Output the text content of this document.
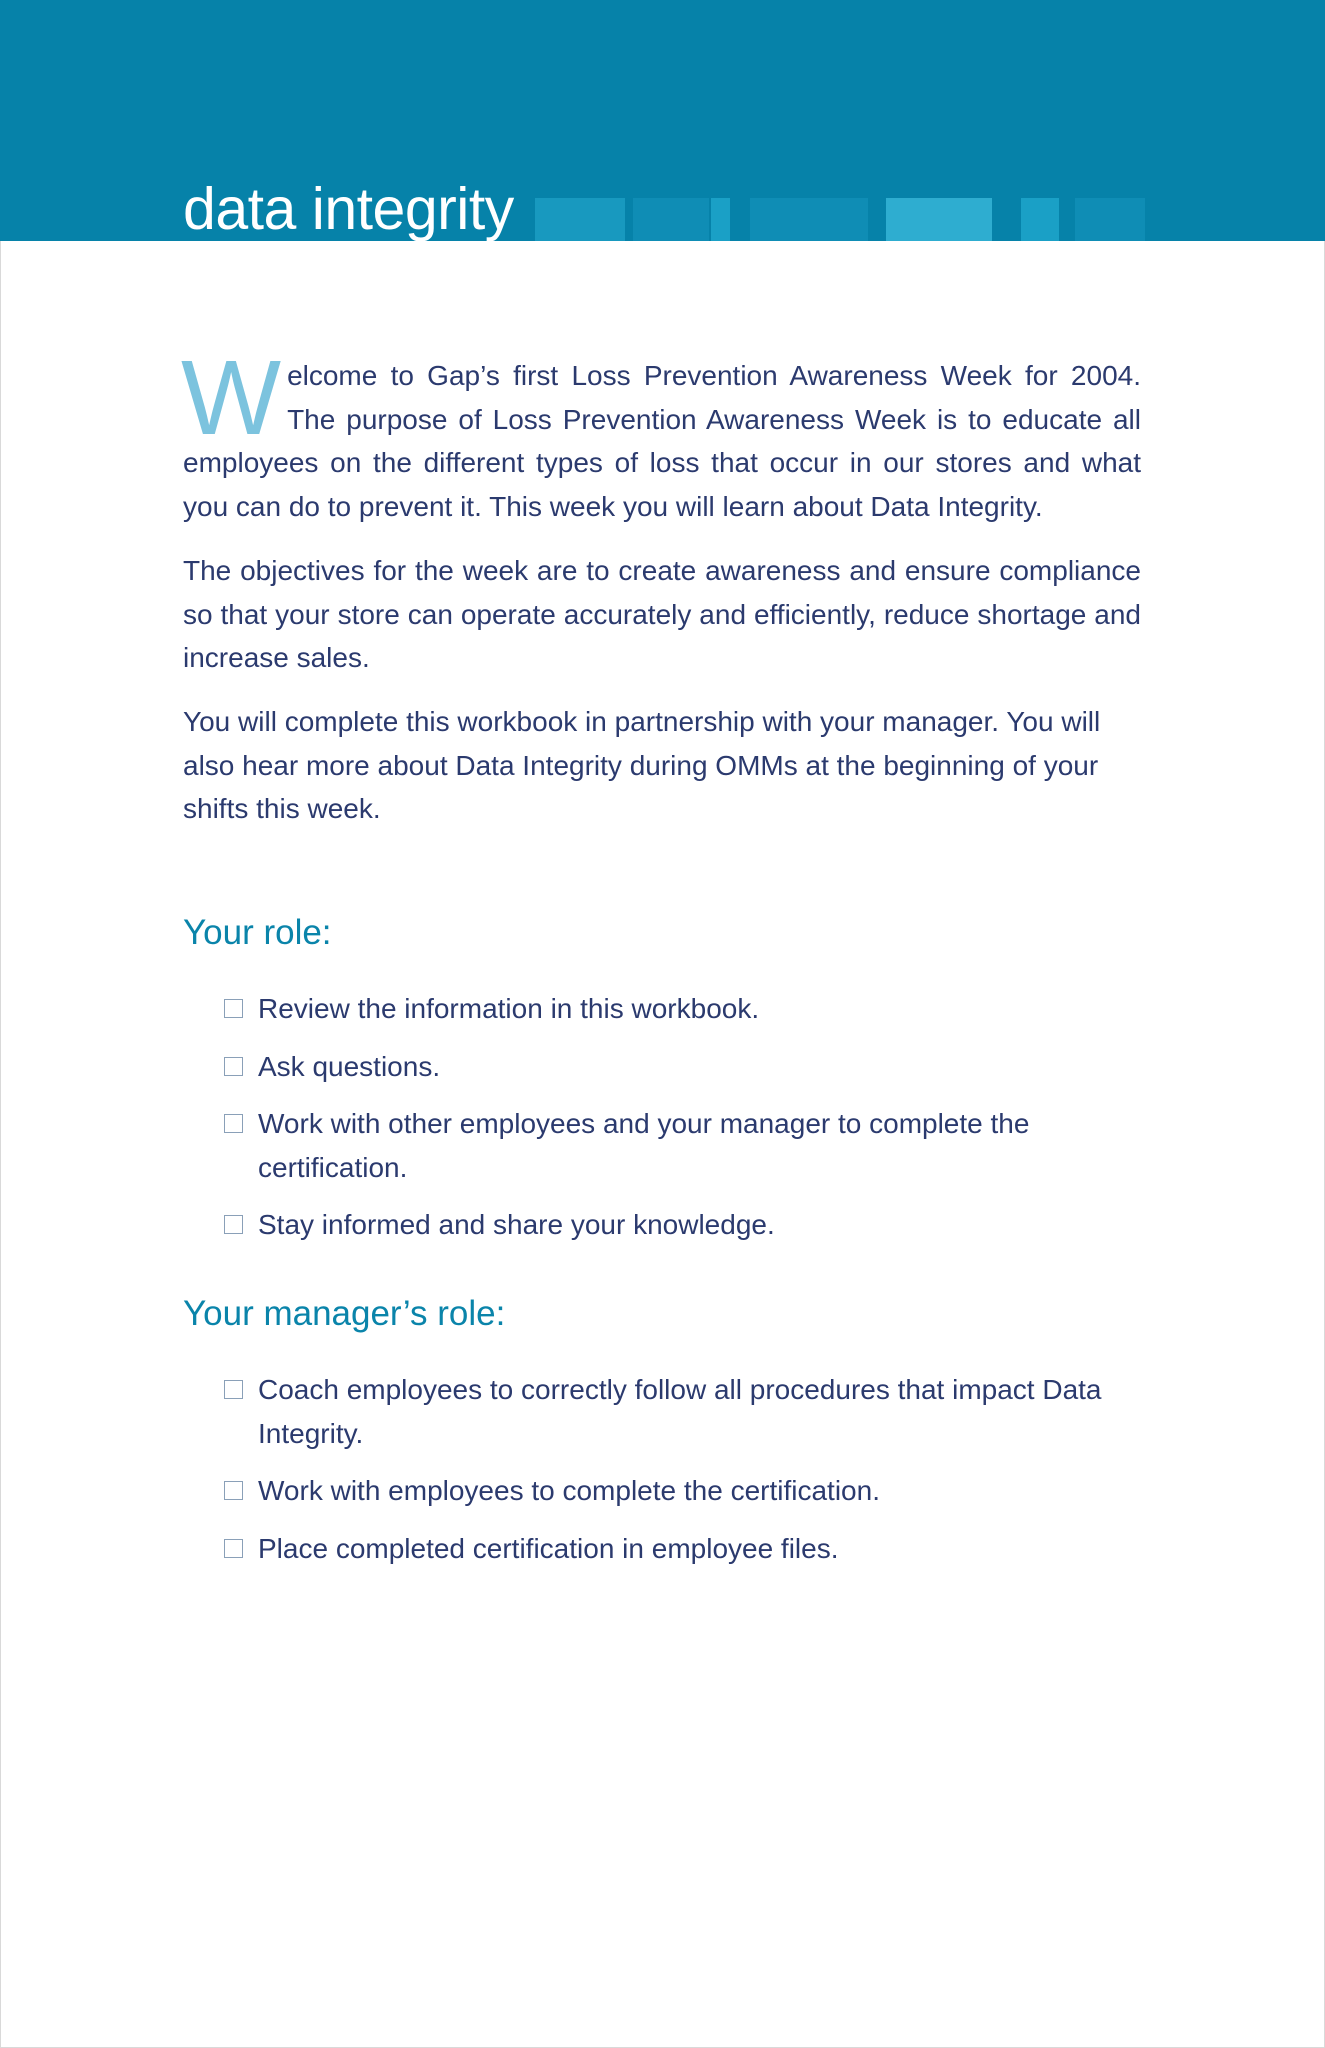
data integrity

Welcome to Gap’s first Loss Prevention Awareness Week for 2004. The purpose of Loss Prevention Awareness Week is to educate all employees on the different types of loss that occur in our stores and what you can do to prevent it. This week you will learn about Data Integrity.

The objectives for the week are to create awareness and ensure compliance so that your store can operate accurately and efficiently, reduce shortage and increase sales.

You will complete this workbook in partnership with your manager. You will also hear more about Data Integrity during OMMs at the beginning of your shifts this week.

Your role:
Review the information in this workbook.
Ask questions.
Work with other employees and your manager to complete the certification.
Stay informed and share your knowledge.
Your manager’s role:
Coach employees to correctly follow all procedures that impact Data Integrity.
Work with employees to complete the certification.
Place completed certification in employee files.
